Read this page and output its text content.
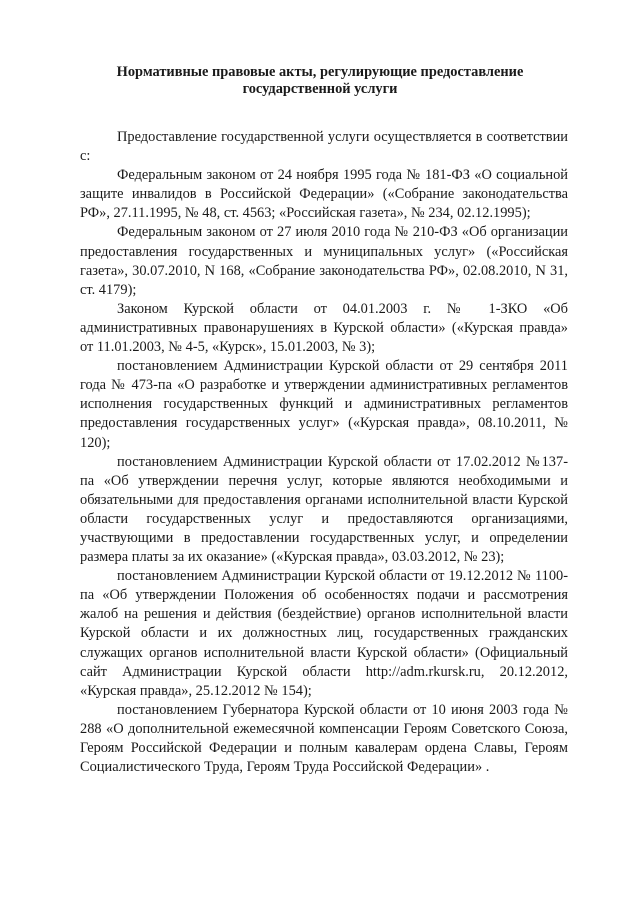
Нормативные правовые акты, регулирующие предоставление
государственной услуги

Предоставление государственной услуги осуществляется в соответствии с:

Федеральным законом от 24 ноября 1995 года № 181-ФЗ «О социальной защите инвалидов в Российской Федерации» («Собрание законодательства РФ», 27.11.1995, № 48, ст. 4563; «Российская газета», № 234, 02.12.1995);

Федеральным законом от 27 июля 2010 года № 210-ФЗ «Об организации предоставления государственных и муниципальных услуг» («Российская газета», 30.07.2010, N 168, «Собрание законодательства РФ», 02.08.2010, N 31, ст. 4179);

Законом Курской области от 04.01.2003 г. № 1-ЗКО «Об административных правонарушениях в Курской области» («Курская правда» от 11.01.2003, № 4-5, «Курск», 15.01.2003, № 3);

постановлением Администрации Курской области от 29 сентября 2011 года № 473-па «О разработке и утверждении административных регламентов исполнения государственных функций и административных регламентов предоставления государственных услуг» («Курская правда», 08.10.2011, № 120);

постановлением Администрации Курской области от 17.02.2012 №137-па «Об утверждении перечня услуг, которые являются необходимыми и обязательными для предоставления органами исполнительной власти Курской области государственных услуг и предоставляются организациями, участвующими в предоставлении государственных услуг, и определении размера платы за их оказание» («Курская правда», 03.03.2012, № 23);

постановлением Администрации Курской области от 19.12.2012 № 1100-па «Об утверждении Положения об особенностях подачи и рассмотрения жалоб на решения и действия (бездействие) органов исполнительной власти Курской области и их должностных лиц, государственных гражданских служащих органов исполнительной власти Курской области» (Официальный сайт Администрации Курской области http://adm.rkursk.ru, 20.12.2012, «Курская правда», 25.12.2012 № 154);

постановлением Губернатора Курской области от 10 июня 2003 года № 288 «О дополнительной ежемесячной компенсации Героям Советского Союза, Героям Российской Федерации и полным кавалерам ордена Славы, Героям Социалистического Труда, Героям Труда Российской Федерации» .
